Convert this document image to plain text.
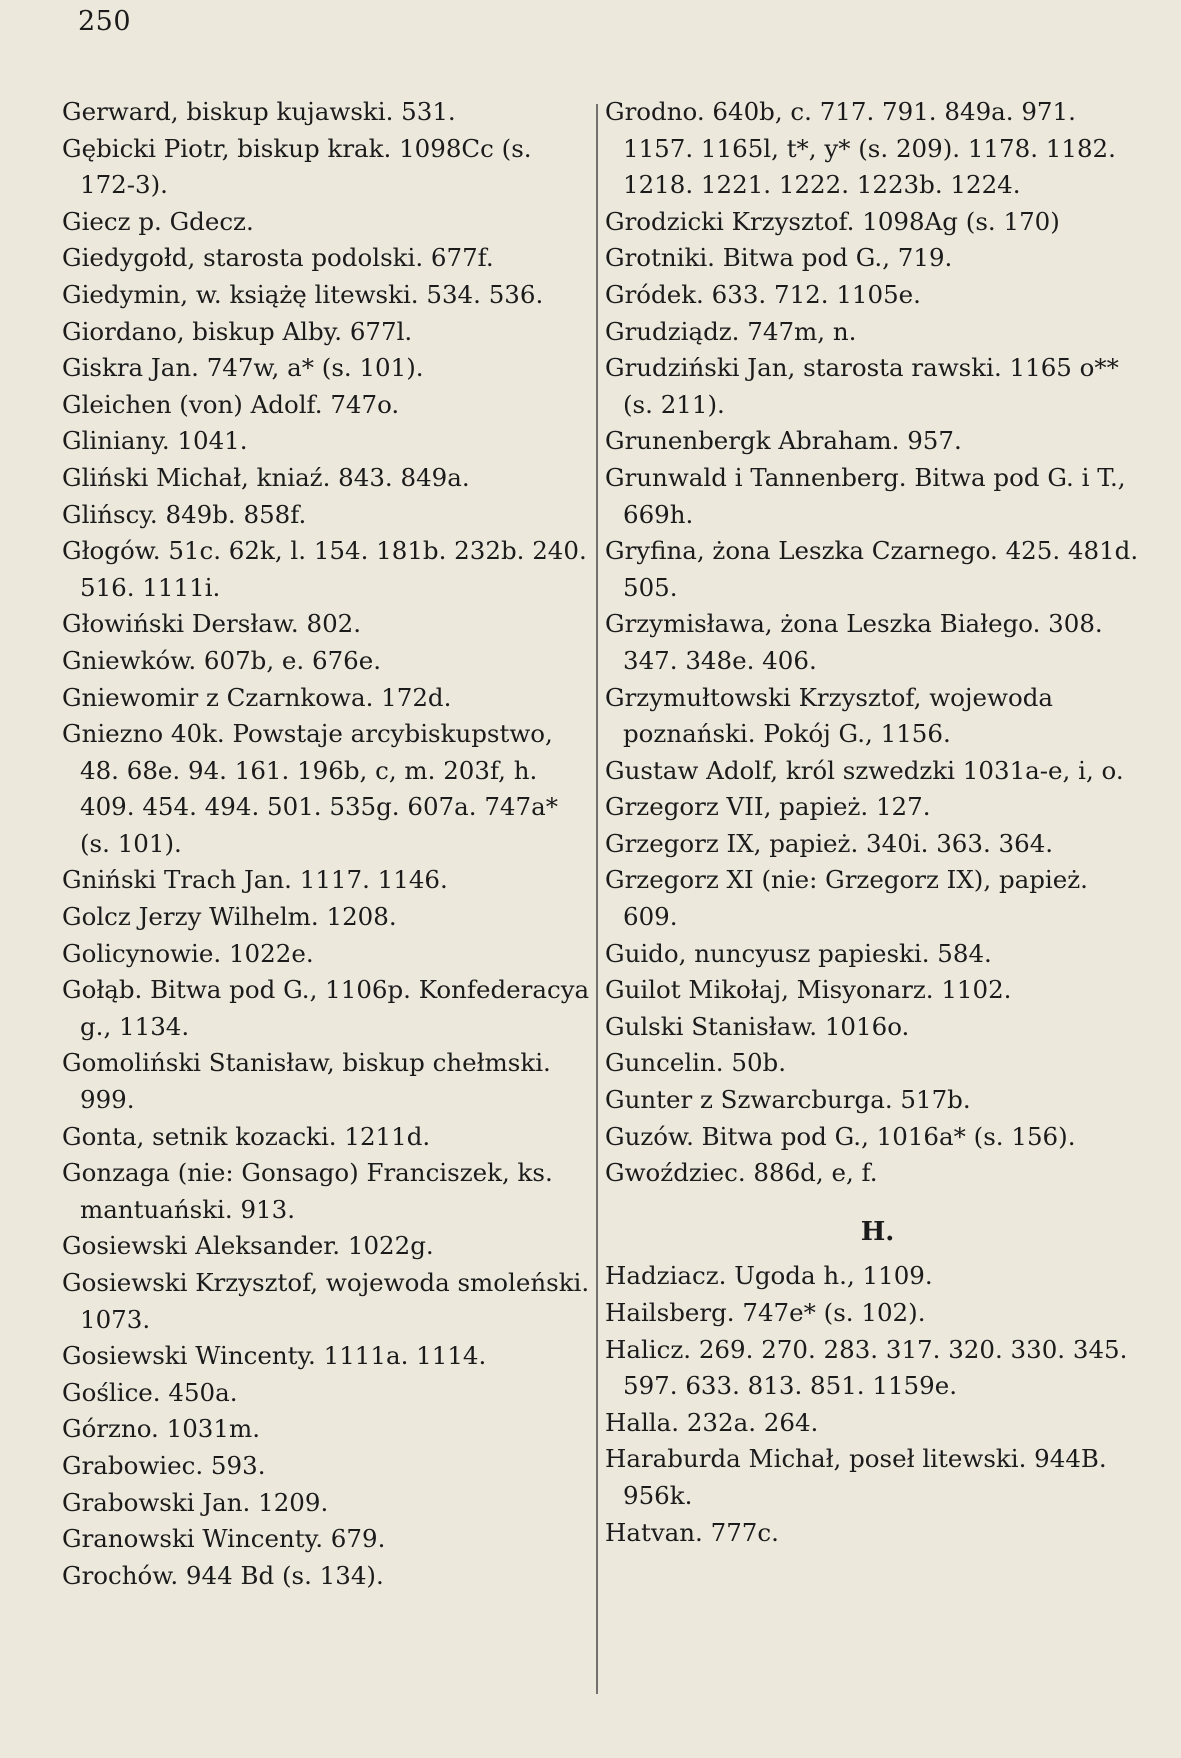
250
Gerward, biskup kujawski. 531.
Gębicki Piotr, biskup krak. 1098Cc (s. 172-3).
Giecz p. Gdecz.
Giedygołd, starosta podolski. 677f.
Giedymin, w. książę litewski. 534. 536.
Giordano, biskup Alby. 677l.
Giskra Jan. 747w, a* (s. 101).
Gleichen (von) Adolf. 747o.
Gliniany. 1041.
Gliński Michał, kniaź. 843. 849a.
Glińscy. 849b. 858f.
Głogów. 51c. 62k, l. 154. 181b. 232b. 240. 516. 1111i.
Głowiński Dersław. 802.
Gniewków. 607b, e. 676e.
Gniewomir z Czarnkowa. 172d.
Gniezno 40k. Powstaje arcybiskupstwo, 48. 68e. 94. 161. 196b, c, m. 203f, h. 409. 454. 494. 501. 535g. 607a. 747a* (s. 101).
Gniński Trach Jan. 1117. 1146.
Golcz Jerzy Wilhelm. 1208.
Golicynowie. 1022e.
Gołąb. Bitwa pod G., 1106p. Konfederacya g., 1134.
Gomoliński Stanisław, biskup chełmski. 999.
Gonta, setnik kozacki. 1211d.
Gonzaga (nie: Gonsago) Franciszek, ks. mantuański. 913.
Gosiewski Aleksander. 1022g.
Gosiewski Krzysztof, wojewoda smoleński. 1073.
Gosiewski Wincenty. 1111a. 1114.
Goślice. 450a.
Górzno. 1031m.
Grabowiec. 593.
Grabowski Jan. 1209.
Granowski Wincenty. 679.
Grochów. 944 Bd (s. 134).
Grodno. 640b, c. 717. 791. 849a. 971. 1157. 1165l, t*, y* (s. 209). 1178. 1182. 1218. 1221. 1222. 1223b. 1224.
Grodzicki Krzysztof. 1098Ag (s. 170)
Grotniki. Bitwa pod G., 719.
Gródek. 633. 712. 1105e.
Grudziądz. 747m, n.
Grudziński Jan, starosta rawski. 1165 o** (s. 211).
Grunenbergk Abraham. 957.
Grunwald i Tannenberg. Bitwa pod G. i T., 669h.
Gryfina, żona Leszka Czarnego. 425. 481d. 505.
Grzymisława, żona Leszka Białego. 308. 347. 348e. 406.
Grzymułtowski Krzysztof, wojewoda poznański. Pokój G., 1156.
Gustaw Adolf, król szwedzki 1031a-e, i, o.
Grzegorz VII, papież. 127.
Grzegorz IX, papież. 340i. 363. 364.
Grzegorz XI (nie: Grzegorz IX), papież. 609.
Guido, nuncyusz papieski. 584.
Guilot Mikołaj, Misyonarz. 1102.
Gulski Stanisław. 1016o.
Guncelin. 50b.
Gunter z Szwarcburga. 517b.
Guzów. Bitwa pod G., 1016a* (s. 156).
Gwoździec. 886d, e, f.
H.
Hadziacz. Ugoda h., 1109.
Hailsberg. 747e* (s. 102).
Halicz. 269. 270. 283. 317. 320. 330. 345. 597. 633. 813. 851. 1159e.
Halla. 232a. 264.
Haraburda Michał, poseł litewski. 944B. 956k.
Hatvan. 777c.
